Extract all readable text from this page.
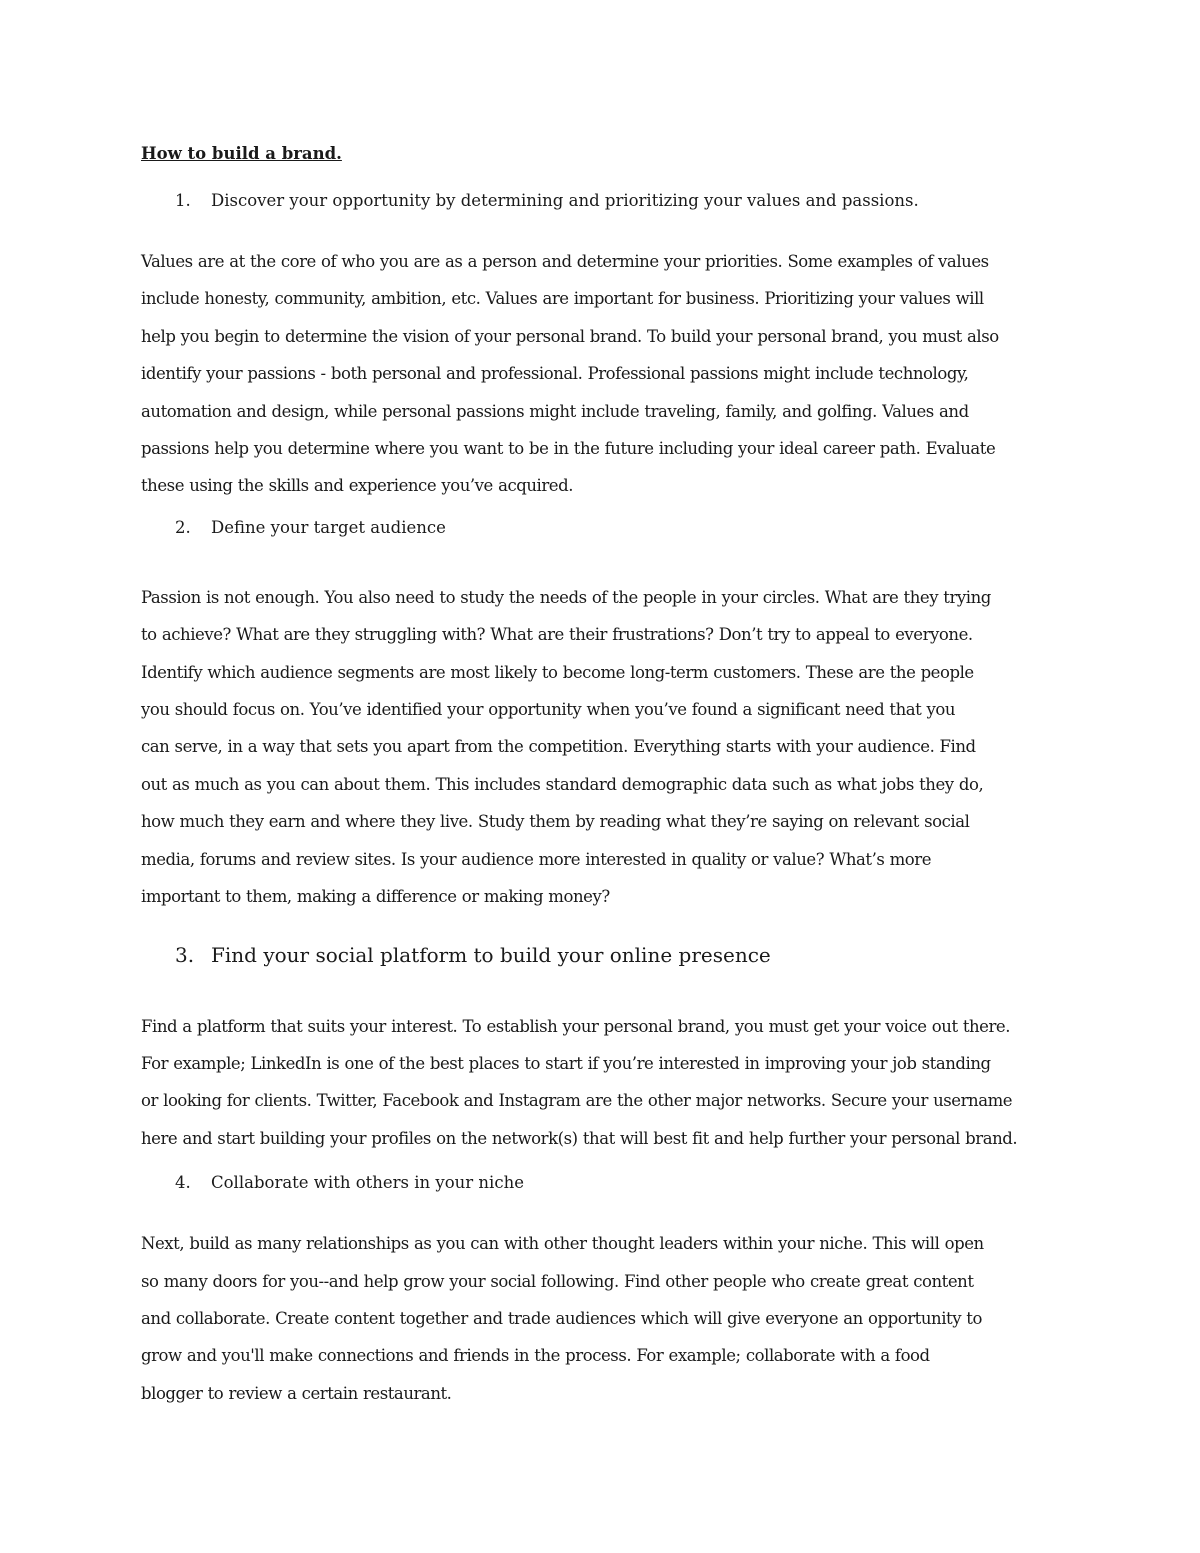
How to build a brand.
1.	Discover your opportunity by determining and prioritizing your values and passions.
Values are at the core of who you are as a person and determine your priorities. Some examples of values
include honesty, community, ambition, etc. Values are important for business. Prioritizing your values will
help you begin to determine the vision of your personal brand. To build your personal brand, you must also
identify your passions - both personal and professional. Professional passions might include technology,
automation and design, while personal passions might include traveling, family, and golfing. Values and
passions help you determine where you want to be in the future including your ideal career path. Evaluate
these using the skills and experience you’ve acquired.
2.	Define your target audience
Passion is not enough. You also need to study the needs of the people in your circles. What are they trying
to achieve? What are they struggling with? What are their frustrations? Don’t try to appeal to everyone.
Identify which audience segments are most likely to become long-term customers. These are the people
you should focus on. You’ve identified your opportunity when you’ve found a significant need that you
can serve, in a way that sets you apart from the competition. Everything starts with your audience. Find
out as much as you can about them. This includes standard demographic data such as what jobs they do,
how much they earn and where they live. Study them by reading what they’re saying on relevant social
media, forums and review sites. Is your audience more interested in quality or value? What’s more
important to them, making a difference or making money?
3. Find your social platform to build your online presence
Find a platform that suits your interest. To establish your personal brand, you must get your voice out there.
For example; LinkedIn is one of the best places to start if you’re interested in improving your job standing
or looking for clients. Twitter, Facebook and Instagram are the other major networks. Secure your username
here and start building your profiles on the network(s) that will best fit and help further your personal brand.
4.	Collaborate with others in your niche
Next, build as many relationships as you can with other thought leaders within your niche. This will open
so many doors for you--and help grow your social following. Find other people who create great content
and collaborate. Create content together and trade audiences which will give everyone an opportunity to
grow and you'll make connections and friends in the process. For example; collaborate with a food
blogger to review a certain restaurant.
